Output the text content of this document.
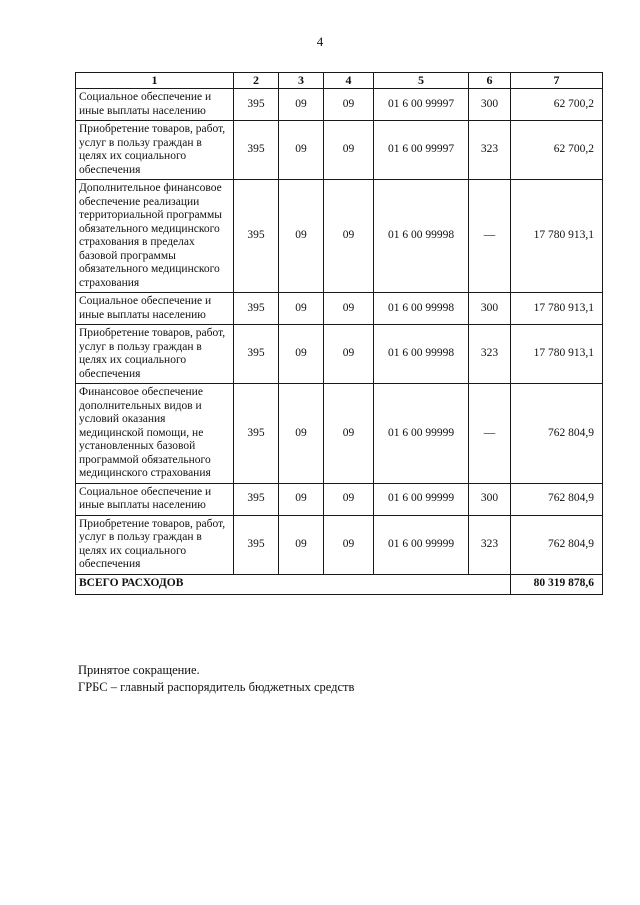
4
1	2	3	4	5	6	7
Социальное обеспечение и иные выплаты населению	395	09	09	01 6 00 99997	300	62 700,2
Приобретение товаров, работ, услуг в пользу граждан в целях их социального обеспечения	395	09	09	01 6 00 99997	323	62 700,2
Дополнительное финансовое обеспечение реализации территориальной программы обязательного медицинского страхования в пределах базовой программы обязательного медицинского страхования	395	09	09	01 6 00 99998	—	17 780 913,1
Социальное обеспечение и иные выплаты населению	395	09	09	01 6 00 99998	300	17 780 913,1
Приобретение товаров, работ, услуг в пользу граждан в целях их социального обеспечения	395	09	09	01 6 00 99998	323	17 780 913,1
Финансовое обеспечение дополнительных видов и условий оказания медицинской помощи, не установленных базовой программой обязательного медицинского страхования	395	09	09	01 6 00 99999	—	762 804,9
Социальное обеспечение и иные выплаты населению	395	09	09	01 6 00 99999	300	762 804,9
Приобретение товаров, работ, услуг в пользу граждан в целях их социального обеспечения	395	09	09	01 6 00 99999	323	762 804,9
ВСЕГО РАСХОДОВ						80 319 878,6
Принятое сокращение.
ГРБС – главный распорядитель бюджетных средств
